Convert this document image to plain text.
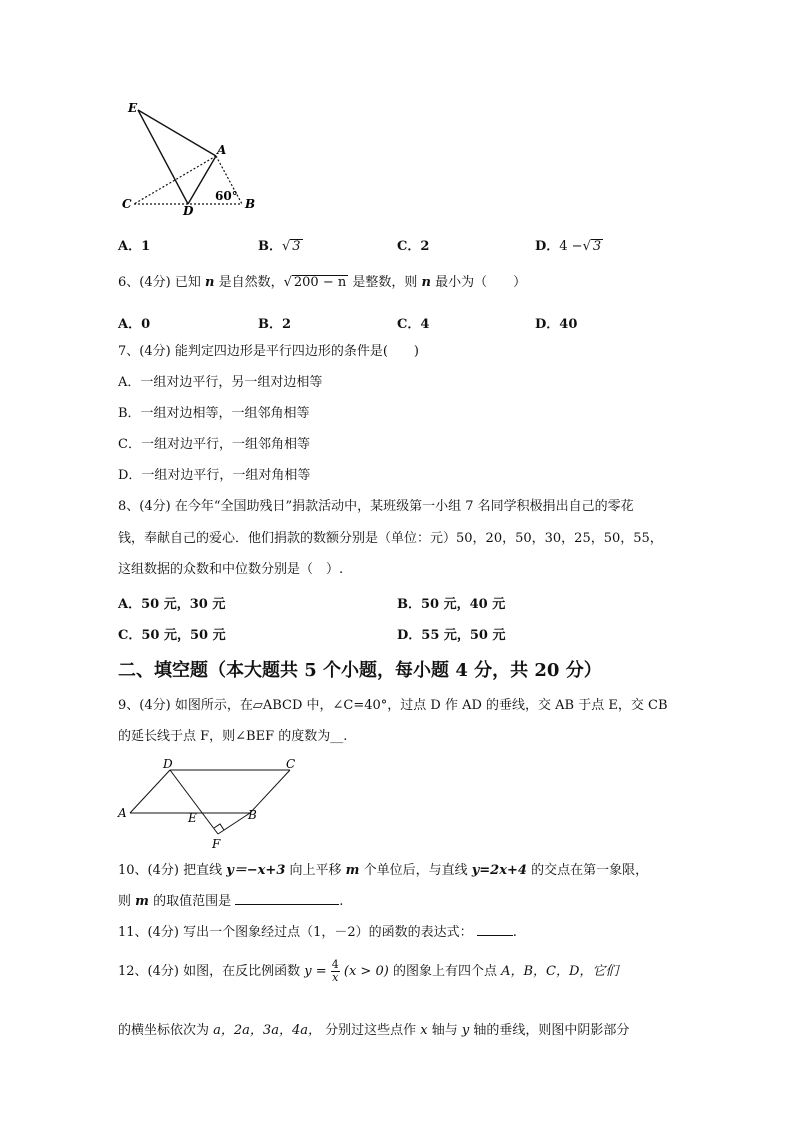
E
A
C	D	B
60°
A．1	B．√ 3	C．2	D．4 −√ 3
6、(4分) 已知 n 是自然数，√ 200 − n 是整数，则 n 最小为（　　）
A．0	B．2	C．4	D．40
7、(4分) 能判定四边形是平行四边形的条件是(　　)
A．一组对边平行，另一组对边相等
B．一组对边相等，一组邻角相等
C．一组对边平行，一组邻角相等
D．一组对边平行，一组对角相等
8、(4分) 在今年“全国助残日”捐款活动中，某班级第一小组 7 名同学积极捐出自己的零花
钱，奉献自己的爱心．他们捐款的数额分别是（单位：元）50，20，50，30，25，50，55，
这组数据的众数和中位数分别是（　）.
A．50 元，30 元	B．50 元，40 元
C．50 元，50 元	D．55 元，50 元
二、填空题（本大题共 5 个小题，每小题 4 分，共 20 分）
9、(4分) 如图所示，在▱ABCD 中，∠C=40°，过点 D 作 AD 的垂线，交 AB 于点 E，交 CB
的延长线于点 F，则∠BEF 的度数为__.
D	C
A	E	B
F
10、(4分) 把直线 y＝−x+3 向上平移 m 个单位后，与直线 y=2x+4 的交点在第一象限，
则 m 的取值范围是	.
11、(4分) 写出一个图象经过点（1，－2）的函数的表达式：	.
12、(4分) 如图，在反比例函数 $y = \frac{4}{x} (x > 0)$ 的图象上有四个点 A，B，C，D，它们
的横坐标依次为 a，2a，3a，4a， 分别过这些点作 x 轴与 y 轴的垂线，则图中阴影部分
